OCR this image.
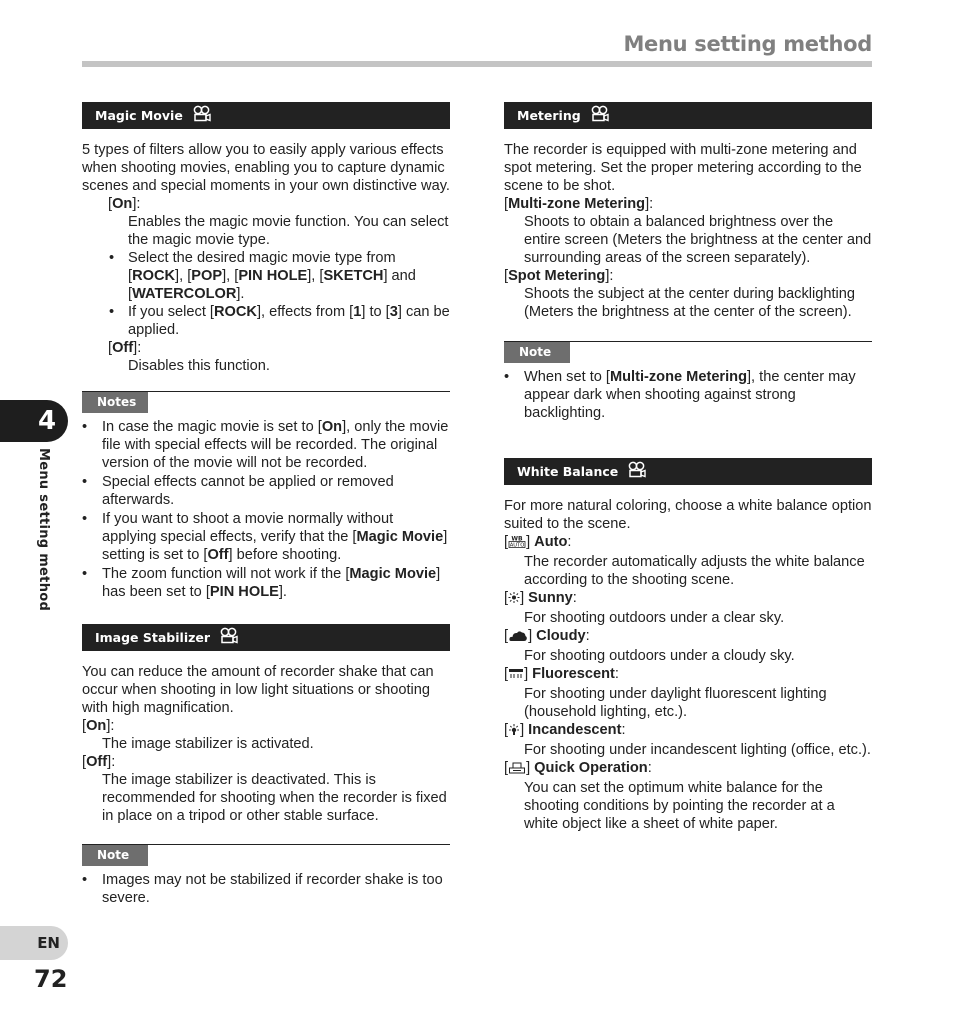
Menu setting method
4
Menu setting method
EN
72
Magic Movie

5 types of filters allow you to easily apply various effects when shooting movies, enabling you to capture dynamic scenes and special moments in your own distinctive way.

[On]:

Enables the magic movie function. You can select the magic movie type.

• Select the desired magic movie type from [ROCK], [POP], [PIN HOLE], [SKETCH] and [WATERCOLOR].
• If you select [ROCK], effects from [1] to [3] can be applied.

[Off]:

Disables this function.

Notes
• In case the magic movie is set to [On], only the movie file with special effects will be recorded. The original version of the movie will not be recorded.
• Special effects cannot be applied or removed afterwards.
• If you want to shoot a movie normally without applying special effects, verify that the [Magic Movie] setting is set to [Off] before shooting.
• The zoom function will not work if the [Magic Movie] has been set to [PIN HOLE].
Image Stabilizer

You can reduce the amount of recorder shake that can occur when shooting in low light situations or shooting with high magnification.

[On]:

The image stabilizer is activated.

[Off]:

The image stabilizer is deactivated. This is recommended for shooting when the recorder is fixed in place on a tripod or other stable surface.

Note
• Images may not be stabilized if recorder shake is too severe.
Metering

The recorder is equipped with multi-zone metering and spot metering. Set the proper metering according to the scene to be shot.

[Multi-zone Metering]:

Shoots to obtain a balanced brightness over the entire screen (Meters the brightness at the center and surrounding areas of the screen separately).

[Spot Metering]:

Shoots the subject at the center during backlighting (Meters the brightness at the center of the screen).

Note
• When set to [Multi-zone Metering], the center may appear dark when shooting against strong backlighting.
White Balance

For more natural coloring, choose a white balance option suited to the scene.

[ WB
AUTO ] Auto:

The recorder automatically adjusts the white balance according to the shooting scene.

[ ] Sunny:

For shooting outdoors under a clear sky.

[ ] Cloudy:

For shooting outdoors under a cloudy sky.

[ ] Fluorescent:

For shooting under daylight fluorescent lighting (household lighting, etc.).

[ ] Incandescent:

For shooting under incandescent lighting (office, etc.).

[ ] Quick Operation:

You can set the optimum white balance for the shooting conditions by pointing the recorder at a white object like a sheet of white paper.
